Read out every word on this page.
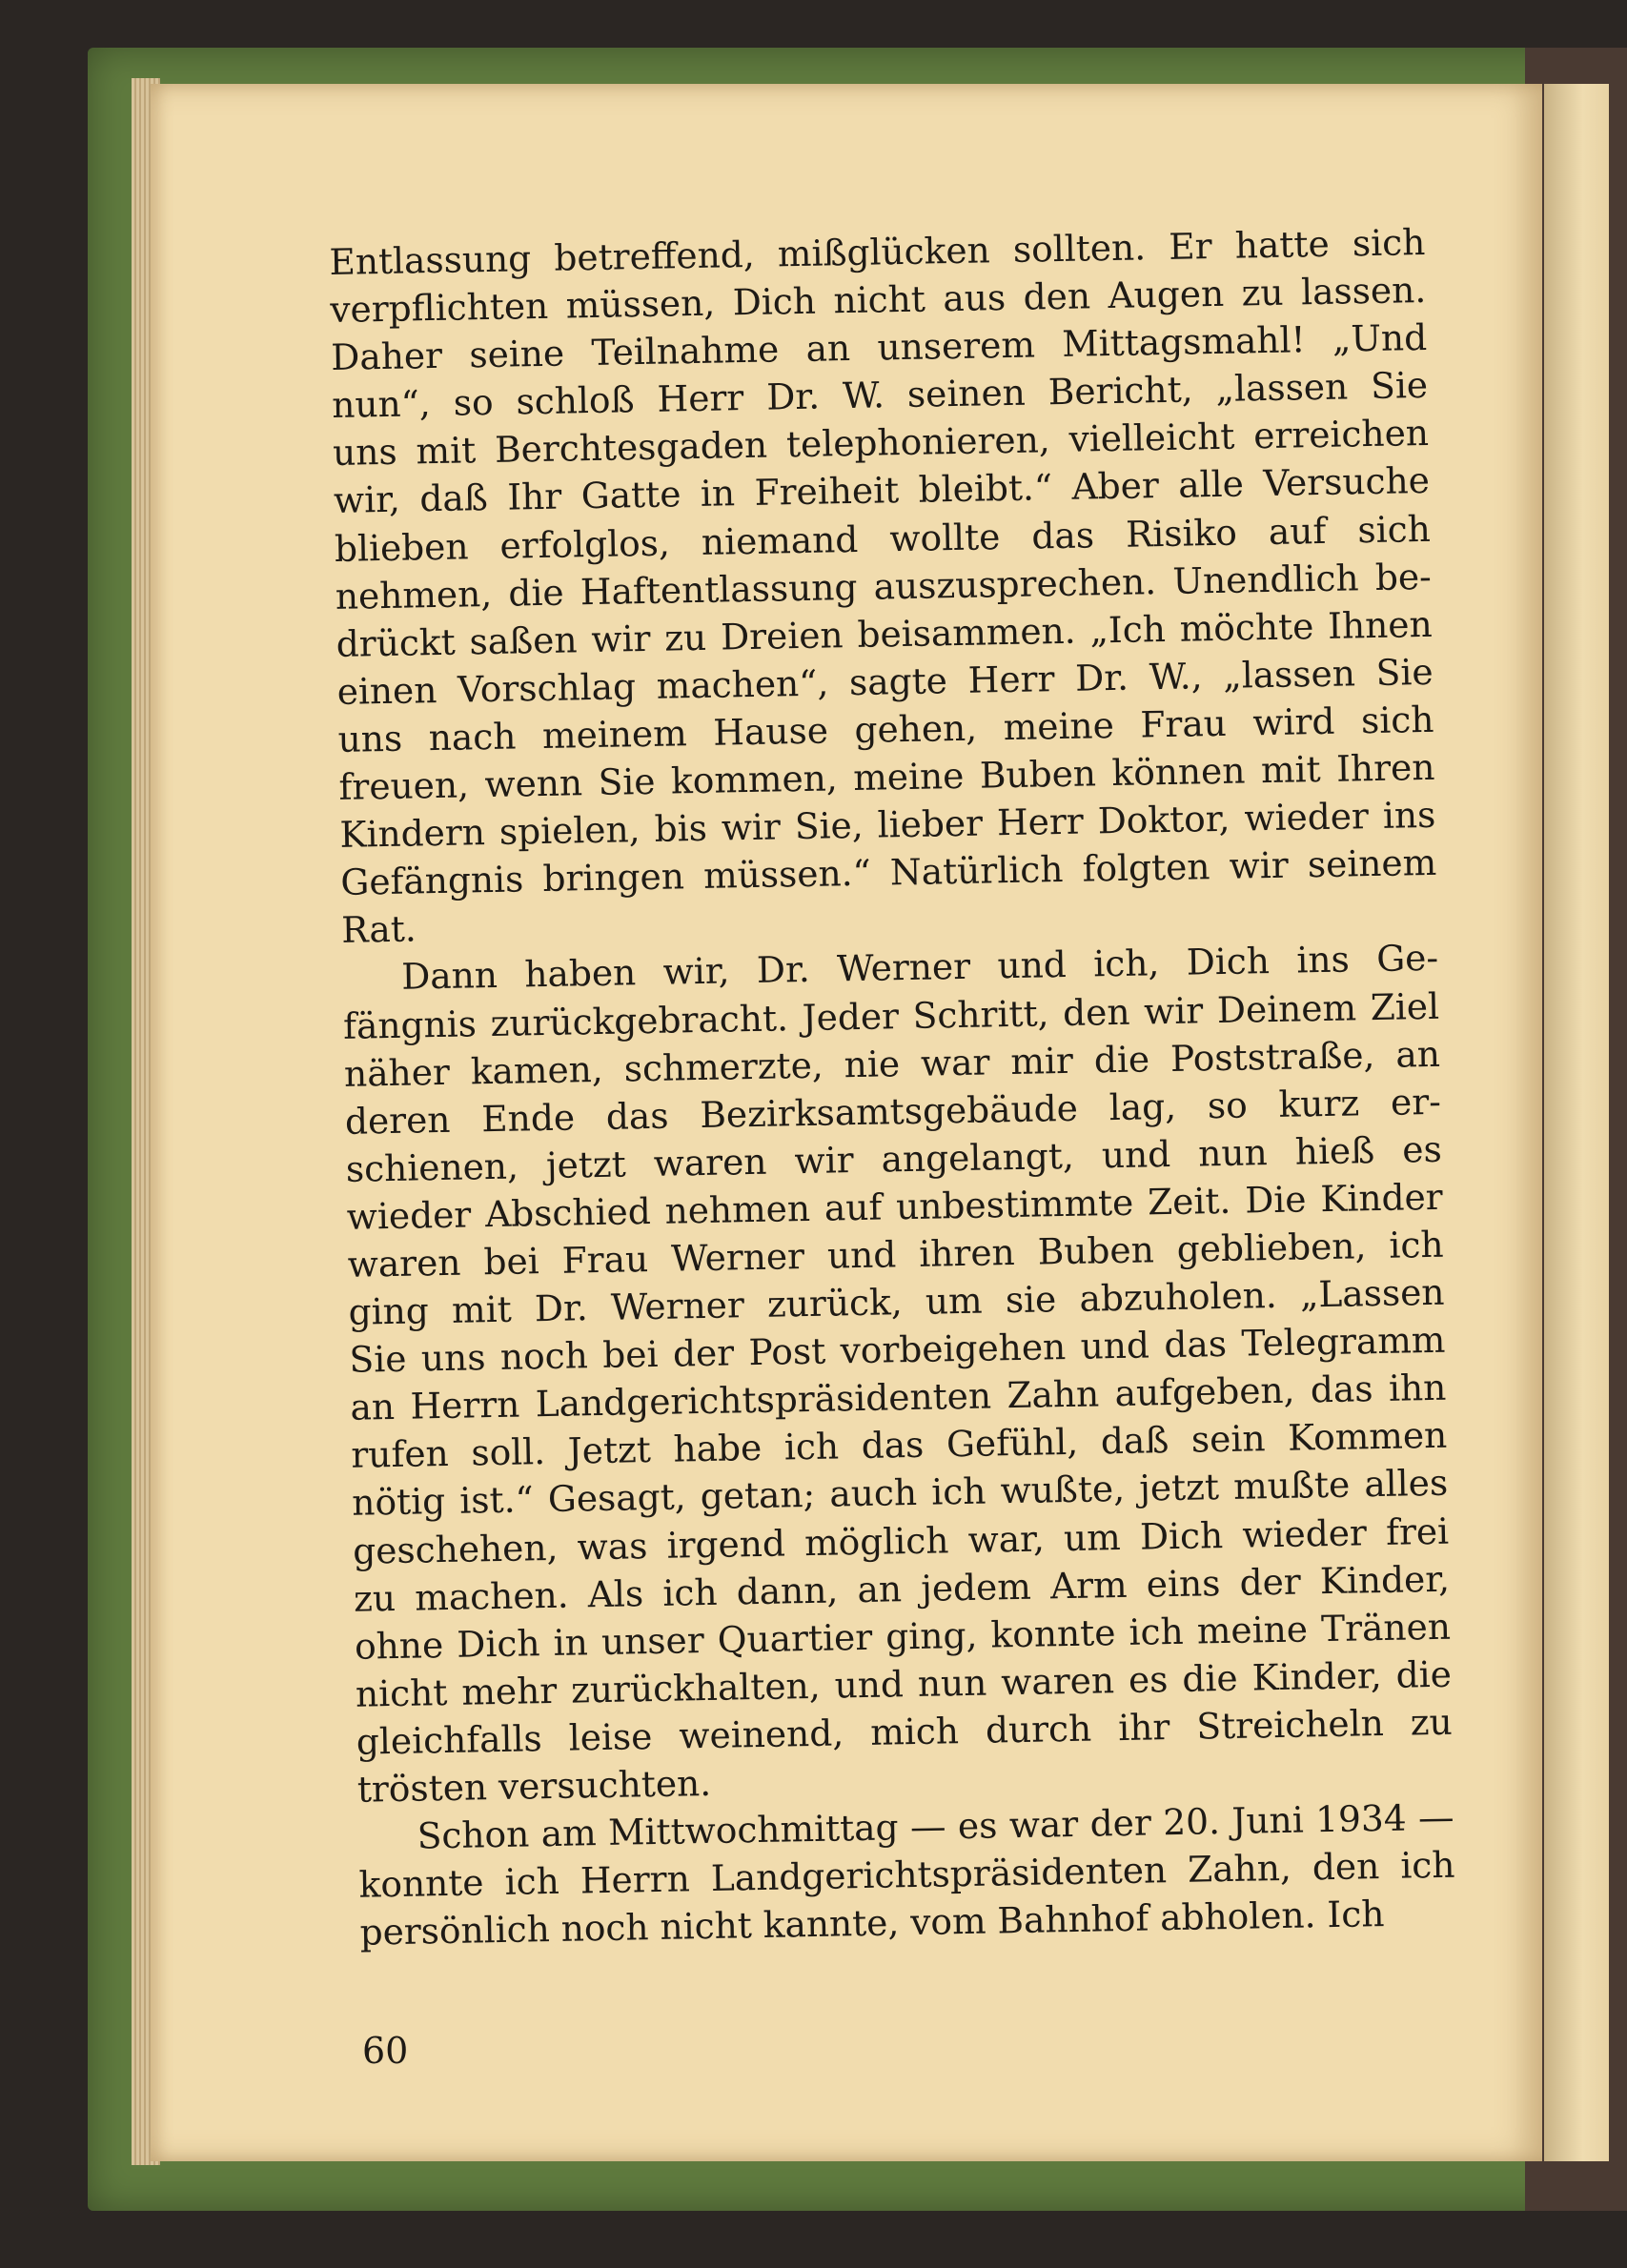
Entlassung betreffend, mißglücken sollten. Er hatte sich
verpflichten müssen, Dich nicht aus den Augen zu lassen.
Daher seine Teilnahme an unserem Mittagsmahl! „Und
nun“, so schloß Herr Dr. W. seinen Bericht, „lassen Sie
uns mit Berchtesgaden telephonieren, vielleicht erreichen
wir, daß Ihr Gatte in Freiheit bleibt.“ Aber alle Versuche
blieben erfolglos, niemand wollte das Risiko auf sich
nehmen, die Haftentlassung auszusprechen. Unendlich be-
drückt saßen wir zu Dreien beisammen. „Ich möchte Ihnen
einen Vorschlag machen“, sagte Herr Dr. W., „lassen Sie
uns nach meinem Hause gehen, meine Frau wird sich
freuen, wenn Sie kommen, meine Buben können mit Ihren
Kindern spielen, bis wir Sie, lieber Herr Doktor, wieder ins
Gefängnis bringen müssen.“ Natürlich folgten wir seinem
Rat.
Dann haben wir, Dr. Werner und ich, Dich ins Ge-
fängnis zurückgebracht. Jeder Schritt, den wir Deinem Ziel
näher kamen, schmerzte, nie war mir die Poststraße, an
deren Ende das Bezirksamtsgebäude lag, so kurz er-
schienen, jetzt waren wir angelangt, und nun hieß es
wieder Abschied nehmen auf unbestimmte Zeit. Die Kinder
waren bei Frau Werner und ihren Buben geblieben, ich
ging mit Dr. Werner zurück, um sie abzuholen. „Lassen
Sie uns noch bei der Post vorbeigehen und das Telegramm
an Herrn Landgerichtspräsidenten Zahn aufgeben, das ihn
rufen soll. Jetzt habe ich das Gefühl, daß sein Kommen
nötig ist.“ Gesagt, getan; auch ich wußte, jetzt mußte alles
geschehen, was irgend möglich war, um Dich wieder frei
zu machen. Als ich dann, an jedem Arm eins der Kinder,
ohne Dich in unser Quartier ging, konnte ich meine Tränen
nicht mehr zurückhalten, und nun waren es die Kinder, die
gleichfalls leise weinend, mich durch ihr Streicheln zu
trösten versuchten.
Schon am Mittwochmittag — es war der 20. Juni 1934 —
konnte ich Herrn Landgerichtspräsidenten Zahn, den ich
persönlich noch nicht kannte, vom Bahnhof abholen. Ich
60
